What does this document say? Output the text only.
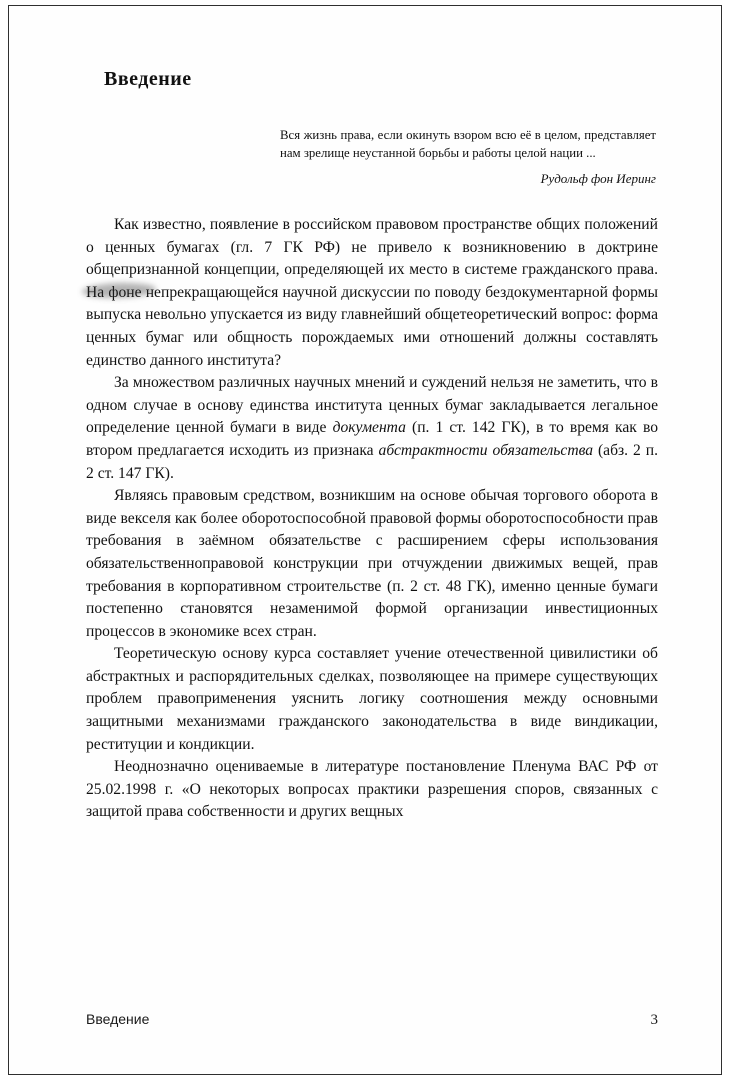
Введение
Вся жизнь права, если окинуть взором всю её в целом, представляет нам зрелище неустанной борьбы и работы целой нации ...
Рудольф фон Иеринг

Как известно, появление в российском правовом пространстве общих положений о ценных бумагах (гл. 7 ГК РФ) не привело к возникновению в доктрине общепризнанной концепции, определяющей их место в системе гражданского права. На фоне непрекращающейся научной дискуссии по поводу бездокументарной формы выпуска невольно упускается из виду главнейший общетеоретический вопрос: форма ценных бумаг или общность порождаемых ими отношений должны составлять единство данного института?

За множеством различных научных мнений и суждений нельзя не заметить, что в одном случае в основу единства института ценных бумаг закладывается легальное определение ценной бумаги в виде документа (п. 1 ст. 142 ГК), в то время как во втором предлагается исходить из признака абстрактности обязательства (абз. 2 п. 2 ст. 147 ГК).

Являясь правовым средством, возникшим на основе обычая торгового оборота в виде векселя как более оборотоспособной правовой формы оборотоспособности прав требования в заёмном обязательстве с расширением сферы использования обязательственноправовой конструкции при отчуждении движимых вещей, прав требования в корпоративном строительстве (п. 2 ст. 48 ГК), именно ценные бумаги постепенно становятся незаменимой формой организации инвестиционных процессов в экономике всех стран.

Теоретическую основу курса составляет учение отечественной цивилистики об абстрактных и распорядительных сделках, позволяющее на примере существующих проблем правоприменения уяснить логику соотношения между основными защитными механизмами гражданского законодательства в виде виндикации, реституции и кондикции.

Неоднозначно оцениваемые в литературе постановление Пленума ВАС РФ от 25.02.1998 г. «О некоторых вопросах практики разрешения споров, связанных с защитой права собственности и других вещных

Введение	3
